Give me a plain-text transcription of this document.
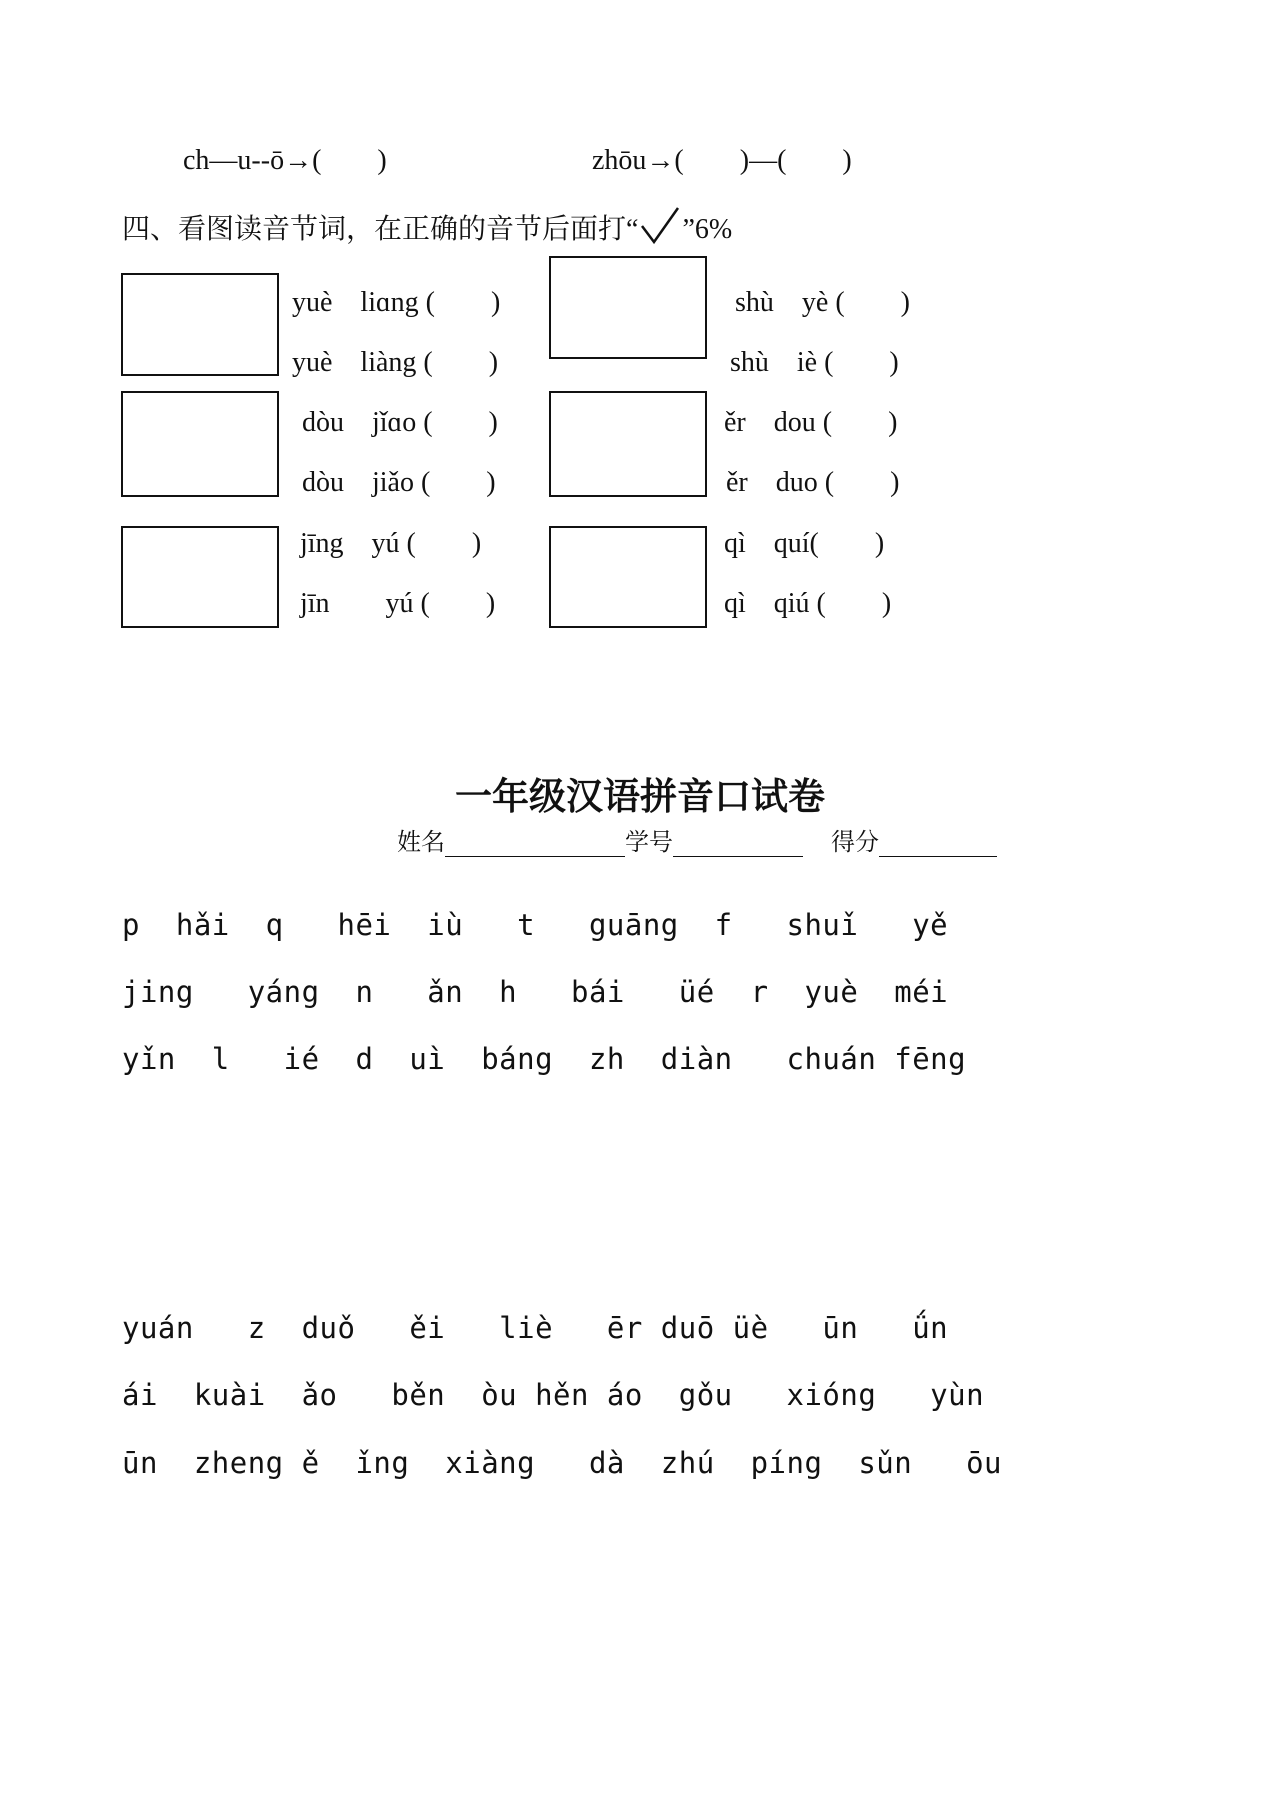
ch—u--ō→(　　)	zhōu→(　　)—(　　)
四、看图读音节词，在正确的音节后面打“ ”6%
yuè　liɑng (　　)
yuè　liàng (　　)
dòu　jǐɑo (　　)
dòu　jiǎo (　　)
jīng　yú (　　)
jīn　　yú (　　)
shù　yè (　　)
shù　iè (　　)
ěr　dou (　　)
ěr　duo (　　)
qì　quí(　　)
qì　qiú (　　)
一年级汉语拼音口试卷
姓名	学号	得分
p  hǎi  q   hēi  iù   t   guāng  f   shuǐ   yě
jing   yáng  n   ǎn  h   bái   üé  r  yuè  méi
yǐn  l   ié  d  uì  báng  zh  diàn   chuán fēng
yuán   z  duǒ   ěi   liè   ēr duō üè   ūn   ǘn
ái  kuài  ǎo   běn  òu hěn áo  gǒu   xióng   yùn
ūn  zheng ě  ǐng  xiàng   dà  zhú  píng  sǔn   ōu
